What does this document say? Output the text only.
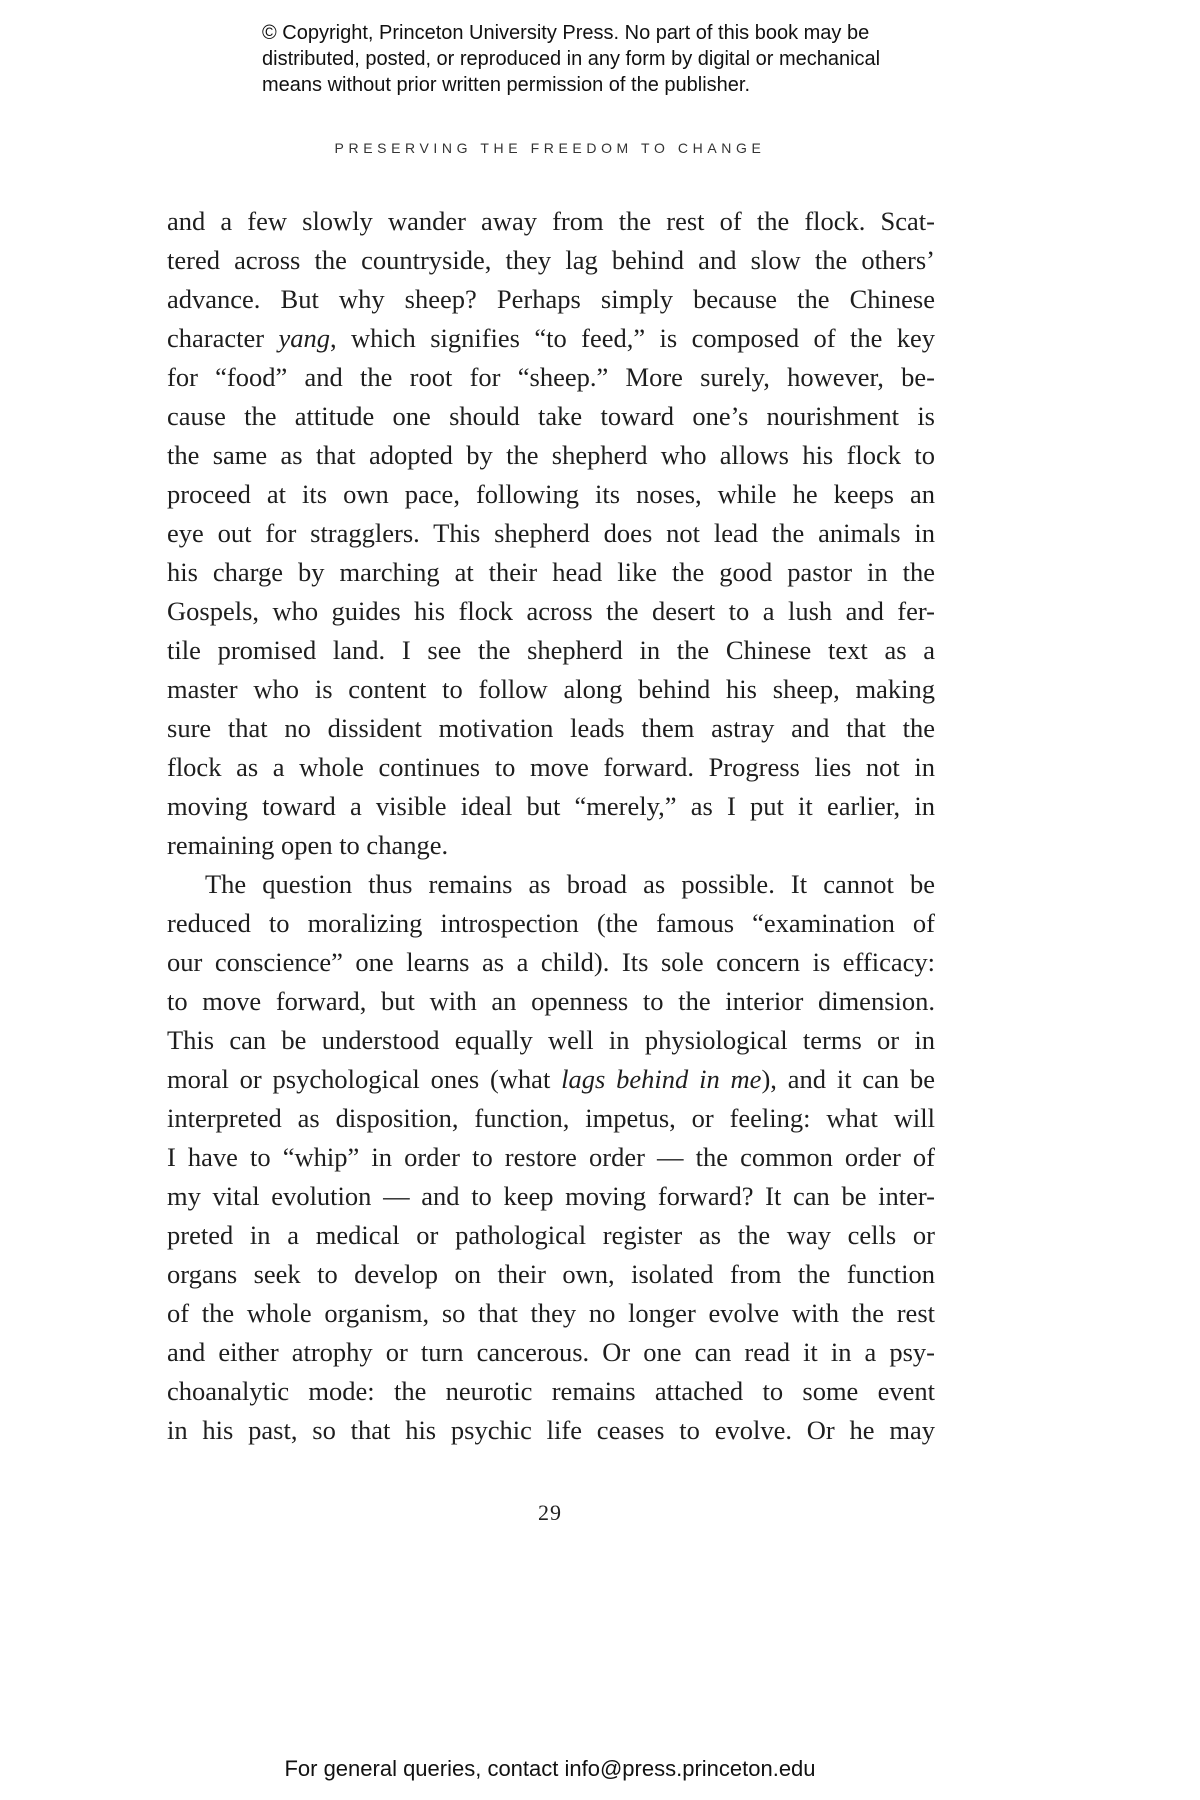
© Copyright, Princeton University Press. No part of this book may be
distributed, posted, or reproduced in any form by digital or mechanical
means without prior written permission of the publisher.
PRESERVING THE FREEDOM TO CHANGE
and a few slowly wander away from the rest of the flock. Scat-
tered across the countryside, they lag behind and slow the others’
advance. But why sheep? Perhaps simply because the Chinese
character yang, which signifies “to feed,” is composed of the key
for “food” and the root for “sheep.” More surely, however, be-
cause the attitude one should take toward one’s nourishment is
the same as that adopted by the shepherd who allows his flock to
proceed at its own pace, following its noses, while he keeps an
eye out for stragglers. This shepherd does not lead the animals in
his charge by marching at their head like the good pastor in the
Gospels, who guides his flock across the desert to a lush and fer-
tile promised land. I see the shepherd in the Chinese text as a
master who is content to follow along behind his sheep, making
sure that no dissident motivation leads them astray and that the
flock as a whole continues to move forward. Progress lies not in
moving toward a visible ideal but “merely,” as I put it earlier, in
remaining open to change.
The question thus remains as broad as possible. It cannot be
reduced to moralizing introspection (the famous “examination of
our conscience” one learns as a child). Its sole concern is efficacy:
to move forward, but with an openness to the interior dimension.
This can be understood equally well in physiological terms or in
moral or psychological ones (what lags behind in me), and it can be
interpreted as disposition, function, impetus, or feeling: what will
I have to “whip” in order to restore order — the common order of
my vital evolution — and to keep moving forward? It can be inter-
preted in a medical or pathological register as the way cells or
organs seek to develop on their own, isolated from the function
of the whole organism, so that they no longer evolve with the rest
and either atrophy or turn cancerous. Or one can read it in a psy-
choanalytic mode: the neurotic remains attached to some event
in his past, so that his psychic life ceases to evolve. Or he may
29
For general queries, contact info@press.princeton.edu
